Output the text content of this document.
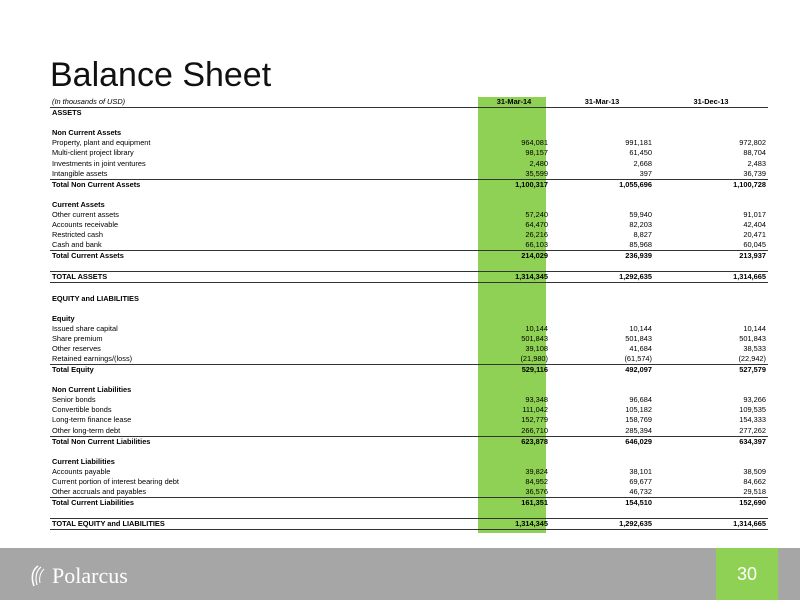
Balance Sheet
(In thousands of USD)	31-Mar-14	31-Mar-13	31-Dec-13
ASSETS			

Non Current Assets			
Property, plant and equipment	964,081	991,181	972,802
Multi-client project library	98,157	61,450	88,704
Investments in joint ventures	2,480	2,668	2,483
Intangible assets	35,599	397	36,739
Total Non Current Assets	1,100,317	1,055,696	1,100,728

Current Assets			
Other current assets	57,240	59,940	91,017
Accounts receivable	64,470	82,203	42,404
Restricted cash	26,216	8,827	20,471
Cash and bank	66,103	85,968	60,045
Total Current Assets	214,029	236,939	213,937

TOTAL ASSETS	1,314,345	1,292,635	1,314,665

EQUITY and LIABILITIES			

Equity			
Issued share capital	10,144	10,144	10,144
Share premium	501,843	501,843	501,843
Other reserves	39,108	41,684	38,533
Retained earnings/(loss)	(21,980)	(61,574)	(22,942)
Total Equity	529,116	492,097	527,579

Non Current Liabilities			
Senior bonds	93,348	96,684	93,266
Convertible bonds	111,042	105,182	109,535
Long-term finance lease	152,779	158,769	154,333
Other long-term debt	266,710	285,394	277,262
Total Non Current Liabilities	623,878	646,029	634,397

Current Liabilities			
Accounts payable	39,824	38,101	38,509
Current portion of interest bearing debt	84,952	69,677	84,662
Other accruals and payables	36,576	46,732	29,518
Total Current Liabilities	161,351	154,510	152,690

TOTAL EQUITY and LIABILITIES	1,314,345	1,292,635	1,314,665
Polarcus	30
